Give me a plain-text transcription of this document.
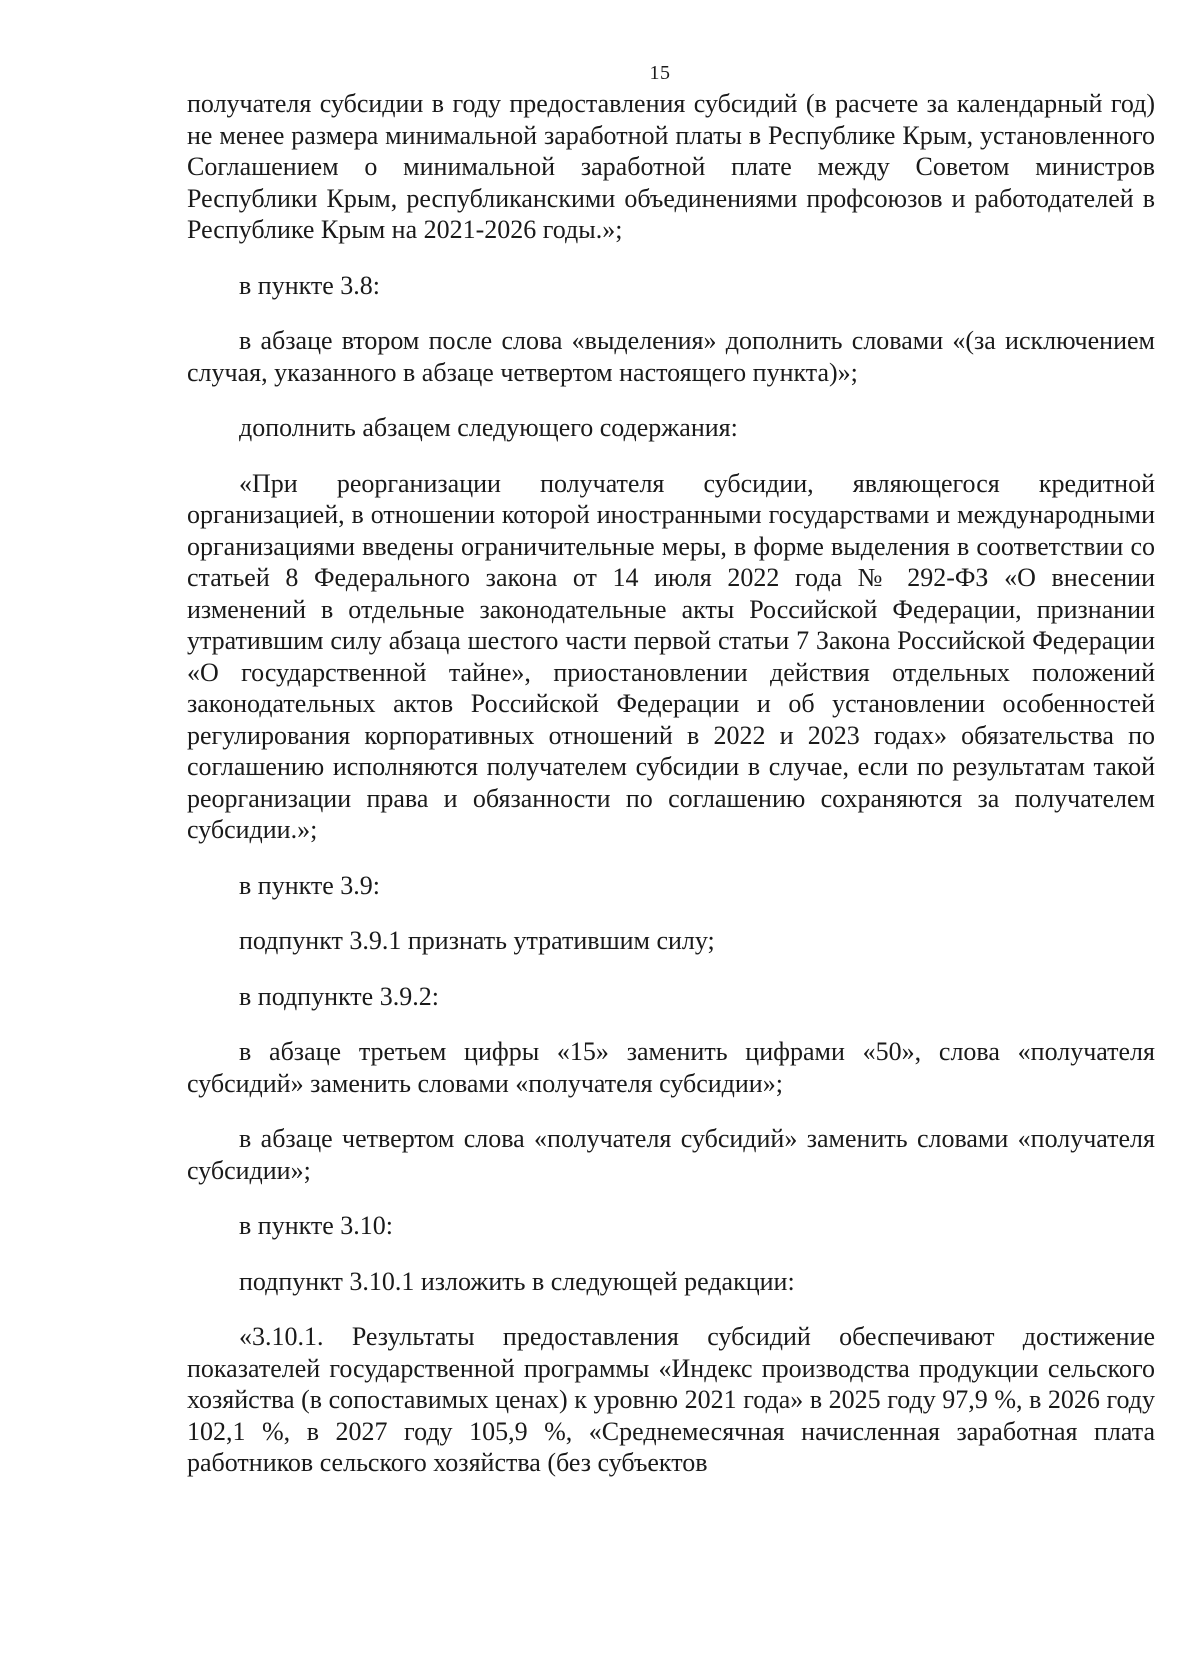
15

получателя субсидии в году предоставления субсидий (в расчете за календарный год) не менее размера минимальной заработной платы в Республике Крым, установленного Соглашением о минимальной заработной плате между Советом министров Республики Крым, республиканскими объединениями профсоюзов и работодателей в Республике Крым на 2021-2026 годы.»;

в пункте 3.8:

в абзаце втором после слова «выделения» дополнить словами «(за исключением случая, указанного в абзаце четвертом настоящего пункта)»;

дополнить абзацем следующего содержания:

«При реорганизации получателя субсидии, являющегося кредитной организацией, в отношении которой иностранными государствами и международными организациями введены ограничительные меры, в форме выделения в соответствии со статьей 8 Федерального закона от 14 июля 2022 года № 292-ФЗ «О внесении изменений в отдельные законодательные акты Российской Федерации, признании утратившим силу абзаца шестого части первой статьи 7 Закона Российской Федерации «О государственной тайне», приостановлении действия отдельных положений законодательных актов Российской Федерации и об установлении особенностей регулирования корпоративных отношений в 2022 и 2023 годах» обязательства по соглашению исполняются получателем субсидии в случае, если по результатам такой реорганизации права и обязанности по соглашению сохраняются за получателем субсидии.»;

в пункте 3.9:

подпункт 3.9.1 признать утратившим силу;

в подпункте 3.9.2:

в абзаце третьем цифры «15» заменить цифрами «50», слова «получателя субсидий» заменить словами «получателя субсидии»;

в абзаце четвертом слова «получателя субсидий» заменить словами «получателя субсидии»;

в пункте 3.10:

подпункт 3.10.1 изложить в следующей редакции:

«3.10.1. Результаты предоставления субсидий обеспечивают достижение показателей государственной программы «Индекс производства продукции сельского хозяйства (в сопоставимых ценах) к уровню 2021 года» в 2025 году 97,9 %, в 2026 году 102,1 %, в 2027 году 105,9 %, «Среднемесячная начисленная заработная плата работников сельского хозяйства (без субъектов
